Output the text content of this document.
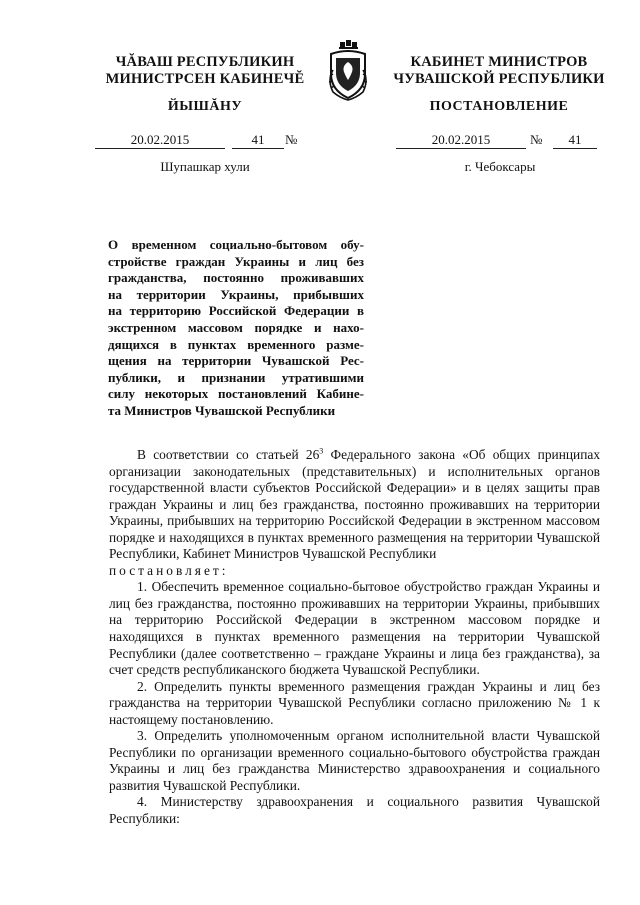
ЧĂВАШ РЕСПУБЛИКИН
МИНИСТРСЕН КАБИНЕЧĔ
ЙЫШĂНУ
КАБИНЕТ МИНИСТРОВ
ЧУВАШСКОЙ РЕСПУБЛИКИ
ПОСТАНОВЛЕНИЕ
20.02.2015	41	№	20.02.2015	№	41
Шупашкар хули	г. Чебоксары
О временном социально-бытовом обу-
стройстве граждан Украины и лиц без
гражданства, постоянно проживавших
на территории Украины, прибывших
на территорию Российской Федерации в
экстренном массовом порядке и нахо-
дящихся в пунктах временного разме-
щения на территории Чувашской Рес-
публики, и признании утратившими
силу некоторых постановлений Кабине-
та Министров Чувашской Республики

В соответствии со статьей $26^3$ Федерального закона «Об общих принципах организации законодательных (представительных) и исполнительных органов государственной власти субъектов Российской Федерации» и в целях защиты прав граждан Украины и лиц без гражданства, постоянно проживавших на территории Украины, прибывших на территорию Российской Федерации в экстренном массовом порядке и находящихся в пунктах временного размещения на территории Чувашской Республики, Кабинет Министров Чувашской Республики

постановляет:

1. Обеспечить временное социально-бытовое обустройство граждан Украины и лиц без гражданства, постоянно проживавших на территории Украины, прибывших на территорию Российской Федерации в экстренном массовом порядке и находящихся в пунктах временного размещения на территории Чувашской Республики (далее соответственно – граждане Украины и лица без гражданства), за счет средств республиканского бюджета Чувашской Республики.

2. Определить пункты временного размещения граждан Украины и лиц без гражданства на территории Чувашской Республики согласно приложению № 1 к настоящему постановлению.

3. Определить уполномоченным органом исполнительной власти Чувашской Республики по организации временного социально-бытового обустройства граждан Украины и лиц без гражданства Министерство здравоохранения и социального развития Чувашской Республики.

4. Министерству здравоохранения и социального развития Чувашской Республики:
